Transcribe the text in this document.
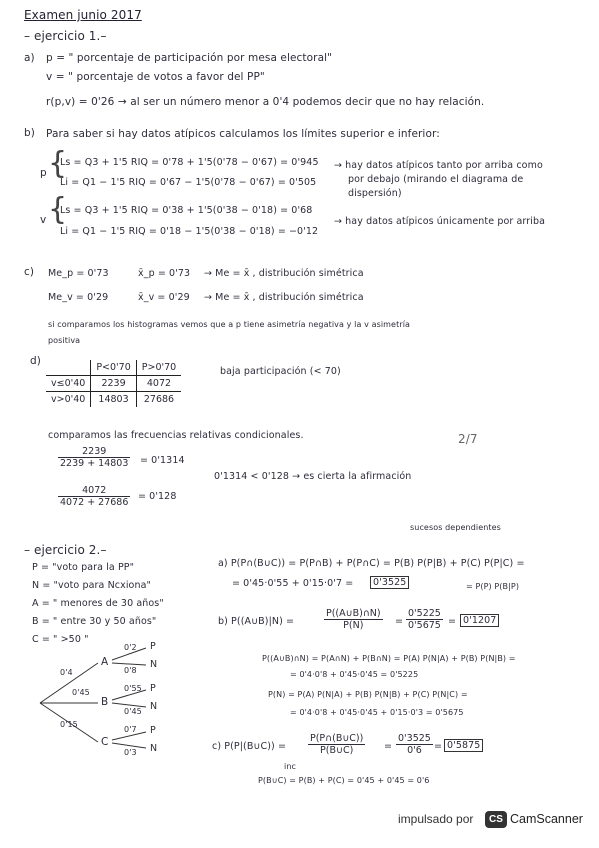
Examen junio 2017
– ejercicio 1.–
a) p = " porcentaje de participación por mesa electoral"
v = " porcentaje de votos a favor del PP"
r(p,v) = 0'26 → al ser un número menor a 0'4 podemos decir que no hay relación.
b) Para saber si hay datos atípicos calculamos los límites superior e inferior:
p {
Ls = Q3 + 1'5 RIQ = 0'78 + 1'5(0'78 − 0'67) = 0'945
Li = Q1 − 1'5 RIQ = 0'67 − 1'5(0'78 − 0'67) = 0'505
→ hay datos atípicos tanto por arriba como
por debajo (mirando el diagrama de
dispersión)
v {
Ls = Q3 + 1'5 RIQ = 0'38 + 1'5(0'38 − 0'18) = 0'68
Li = Q1 − 1'5 RIQ = 0'18 − 1'5(0'38 − 0'18) = −0'12
→ hay datos atípicos únicamente por arriba
c) Me_p = 0'73	x̄_p = 0'73 → Me = x̄ , distribución simétrica
Me_v = 0'29	x̄_v = 0'29 → Me = x̄ , distribución simétrica
si comparamos los histogramas vemos que a p tiene asimetría negativa y la v asimetría
positiva
d)
	P<0'70	P>0'70
v≤0'40	2239	4072
v>0'40	14803	27686
baja participación (< 70)
comparamos las frecuencias relativas condicionales.	2/7
$\frac{2239}{2239 + 14803} = 0'1314$
0'1314 < 0'128 → es cierta la afirmación
$\frac{4072}{4072 + 27686} = 0'128$
sucesos dependientes
– ejercicio 2.–
P = "voto para la PP"
N = "voto para Ncxiona"
A = " menores de 30 años"
B = " entre 30 y 50 años"
C = " >50 "
0'4
0'45
0'15
A
B
C
0'2
0'8
0'55
0'45
0'7
0'3
P
N
P
N
P
N
a) P(P∩(B∪C)) = P(P∩B) + P(P∩C) = P(B) P(P|B) + P(C) P(P|C) =
= 0'45·0'55 + 0'15·0'7 =	0'3525	= P(P) P(B|P)
b) P((A∪B)|N) =	$\frac{P((A\cup B)\cap N)}{P(N)} = \frac{0'5225}{0'5675} = 0'1207$
P((A∪B)∩N) = P(A∩N) + P(B∩N) = P(A) P(N|A) + P(B) P(N|B) =
= 0'4·0'8 + 0'45·0'45 = 0'5225
P(N) = P(A) P(N|A) + P(B) P(N|B) + P(C) P(N|C) =
= 0'4·0'8 + 0'45·0'45 + 0'15·0'3 = 0'5675
c) P(P|(B∪C)) = $\frac{P(P\cap(B\cup C))}{P(B\cup C)} = \frac{0'3525}{0'6} = 0'5875$
inc
P(B∪C) = P(B) + P(C) = 0'45 + 0'45 = 0'6
impulsado por	CS CamScanner
